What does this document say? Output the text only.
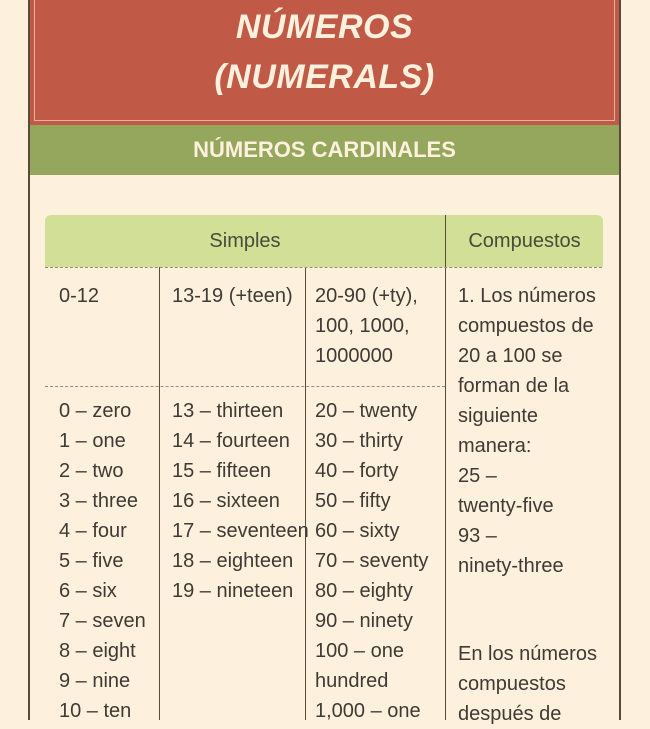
NÚMEROS
(NUMERALS)
NÚMEROS CARDINALES
Simples	Compuestos
0-12	13-19 (+teen) 20-90 (+ty),
100, 1000,
1000000
0 – zero
1 – one
2 – two
3 – three
4 – four
5 – five
6 – six
7 – seven
8 – eight
9 – nine
10 – ten
13 – thirteen
14 – fourteen
15 – fifteen
16 – sixteen
17 – seventeen
18 – eighteen
19 – nineteen
20 – twenty
30 – thirty
40 – forty
50 – fifty
60 – sixty
70 – seventy
80 – eighty
90 – ninety
100 – one
hundred
1,000 – one
1. Los números
compuestos de
20 a 100 se
forman de la
siguiente
manera:
25 –
twenty-five
93 –
ninety-three
En los números
compuestos
después de
